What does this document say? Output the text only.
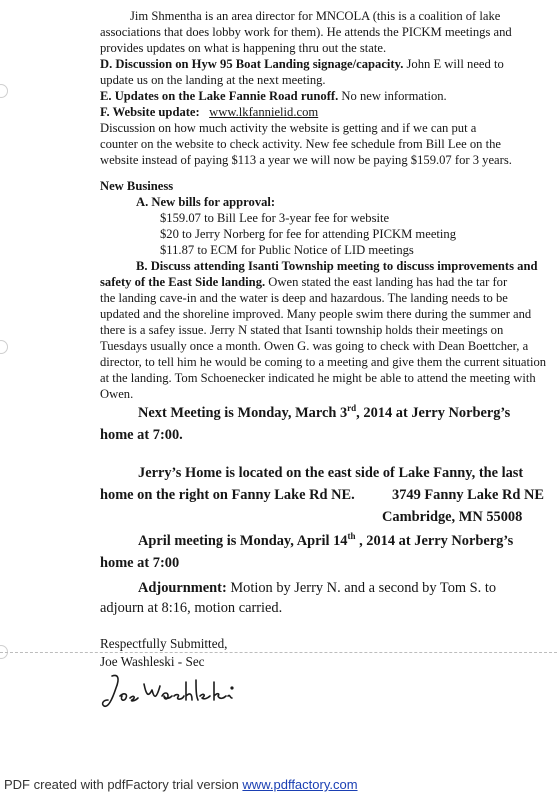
Jim Shmentha is an area director for MNCOLA (this is a coalition of lake
associations that does lobby work for them). He attends the PICKM meetings and
provides updates on what is happening thru out the state.
D. Discussion on Hyw 95 Boat Landing signage/capacity. John E will need to
update us on the landing at the next meeting.
E. Updates on the Lake Fannie Road runoff. No new information.
F. Website update: www.lkfannielid.com
Discussion on how much activity the website is getting and if we can put a
counter on the website to check activity. New fee schedule from Bill Lee on the
website instead of paying $113 a year we will now be paying $159.07 for 3 years.
New Business
A. New bills for approval:
$159.07 to Bill Lee for 3-year fee for website
$20 to Jerry Norberg for fee for attending PICKM meeting
$11.87 to ECM for Public Notice of LID meetings
B. Discuss attending Isanti Township meeting to discuss improvements and
safety of the East Side landing. Owen stated the east landing has had the tar for
the landing cave-in and the water is deep and hazardous. The landing needs to be
updated and the shoreline improved. Many people swim there during the summer and
there is a safey issue. Jerry N stated that Isanti township holds their meetings on
Tuesdays usually once a month. Owen G. was going to check with Dean Boettcher, a
director, to tell him he would be coming to a meeting and give them the current situation
at the landing. Tom Schoenecker indicated he might be able to attend the meeting with
Owen.
Next Meeting is Monday, March 3rd, 2014 at Jerry Norberg’s
home at 7:00.
Jerry’s Home is located on the east side of Lake Fanny, the last
home on the right on Fanny Lake Rd NE.	3749 Fanny Lake Rd NE
Cambridge, MN 55008
April meeting is Monday, April 14th , 2014 at Jerry Norberg’s
home at 7:00
Adjournment: Motion by Jerry N. and a second by Tom S. to
adjourn at 8:16, motion carried.
Respectfully Submitted,
Joe Washleski - Sec
PDF created with pdfFactory trial version www.pdffactory.com
